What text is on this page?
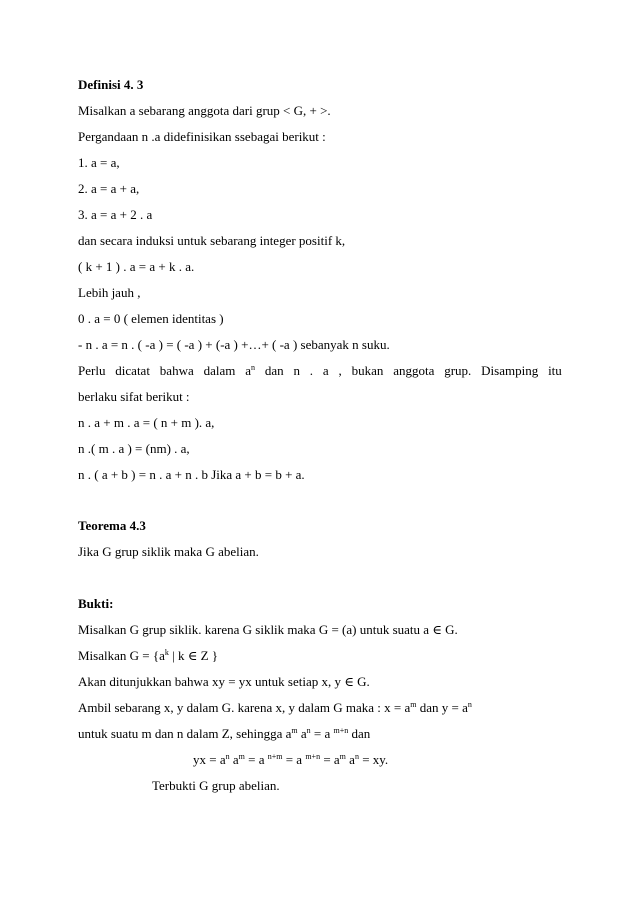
Definisi 4. 3
Misalkan a sebarang anggota dari grup < G, + >.
Pergandaan n .a didefinisikan ssebagai berikut :
1. a = a,
2. a = a + a,
3. a = a + 2 . a
dan secara induksi untuk sebarang integer positif k,
( k + 1 ) . a = a + k . a.
Lebih jauh ,
0 . a = 0 ( elemen identitas )
- n . a = n . ( -a ) = ( -a ) + (-a ) +…+ ( -a ) sebanyak n suku.
Perlu dicatat bahwa dalam $a^n$ dan n . a , bukan anggota grup. Disamping itu
berlaku sifat berikut :
n . a + m . a = ( n + m ). a,
n .( m . a ) = (nm) . a,
n . ( a + b ) = n . a + n . b Jika a + b = b + a.
Teorema 4.3
Jika G grup siklik maka G abelian.
Bukti:
Misalkan G grup siklik. karena G siklik maka G = (a) untuk suatu a ∈ G.
Misalkan $G = \{a^k$ | k ∈ Z }
Akan ditunjukkan bahwa xy = yx untuk setiap x, y ∈ G.
Ambil sebarang x, y dalam G. karena x, y dalam G maka : $x = a^m$ dan $y = a^n$
untuk suatu m dan n dalam Z, sehingga $a^m$ $a^n = a$ $^{m+n}$ dan
yx = $a^n$ $a^m = a$ $^{n+m}$ = a $^{m+n} = a^m$ $a^n$ = xy.
Terbukti G grup abelian.
